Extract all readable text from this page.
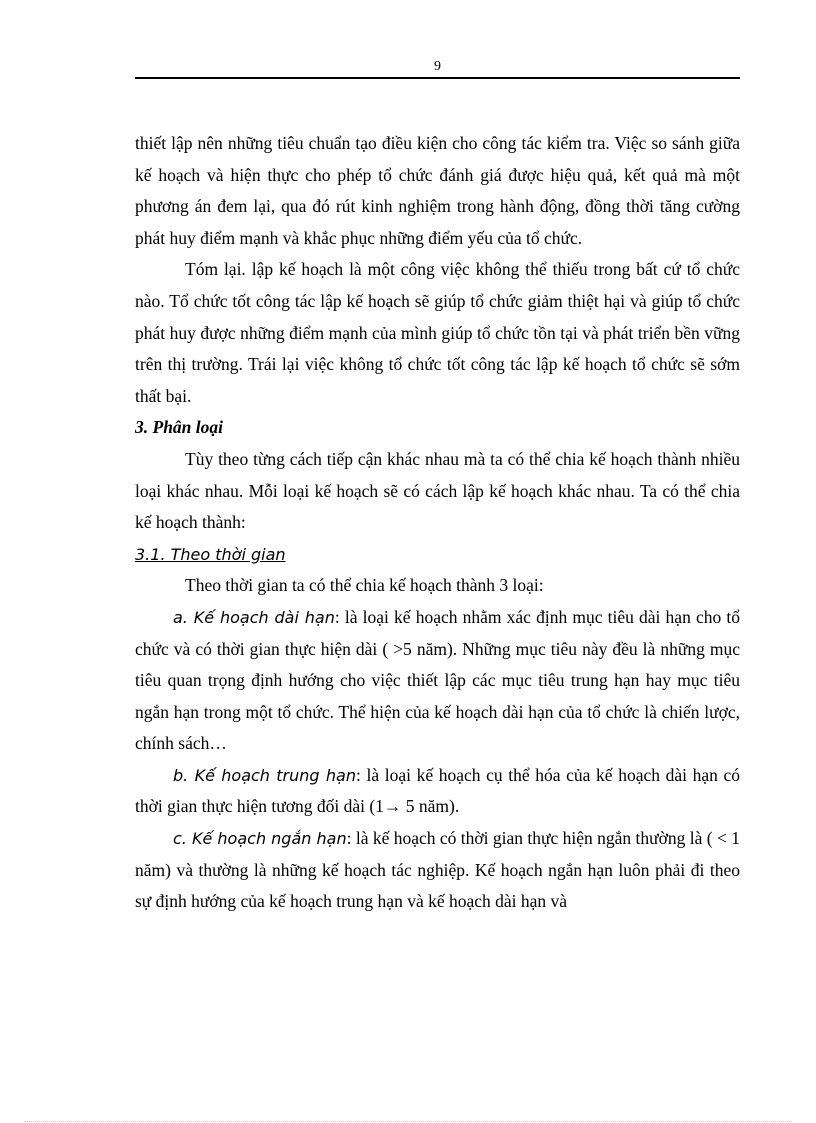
9

thiết lập nên những tiêu chuẩn tạo điều kiện cho công tác kiểm tra. Việc so sánh giữa kế hoạch và hiện thực cho phép tổ chức đánh giá được hiệu quả, kết quả mà một phương án đem lại, qua đó rút kinh nghiệm trong hành động, đồng thời tăng cường phát huy điểm mạnh và khắc phục những điểm yếu của tổ chức.

Tóm lại. lập kế hoạch là một công việc không thể thiếu trong bất cứ tổ chức nào. Tổ chức tốt công tác lập kế hoạch sẽ giúp tổ chức giảm thiệt hại và giúp tổ chức phát huy được những điểm mạnh của mình giúp tổ chức tồn tại và phát triển bền vững trên thị trường. Trái lại việc không tổ chức tốt công tác lập kế hoạch tổ chức sẽ sớm thất bại.

3. Phân loại

Tùy theo từng cách tiếp cận khác nhau mà ta có thể chia kế hoạch thành nhiều loại khác nhau. Mỗi loại kế hoạch sẽ có cách lập kế hoạch khác nhau. Ta có thể chia kế hoạch thành:

3.1. Theo thời gian

Theo thời gian ta có thể chia kế hoạch thành 3 loại:

a. Kế hoạch dài hạn: là loại kế hoạch nhằm xác định mục tiêu dài hạn cho tổ chức và có thời gian thực hiện dài ( >5 năm). Những mục tiêu này đều là những mục tiêu quan trọng định hướng cho việc thiết lập các mục tiêu trung hạn hay mục tiêu ngắn hạn trong một tổ chức. Thể hiện của kế hoạch dài hạn của tổ chức là chiến lược, chính sách…

b. Kế hoạch trung hạn: là loại kế hoạch cụ thể hóa của kế hoạch dài hạn có thời gian thực hiện tương đối dài (1→ 5 năm).

c. Kế hoạch ngắn hạn: là kế hoạch có thời gian thực hiện ngắn thường là ( < 1 năm) và thường là những kế hoạch tác nghiệp. Kế hoạch ngắn hạn luôn phải đi theo sự định hướng của kế hoạch trung hạn và kế hoạch dài hạn và
